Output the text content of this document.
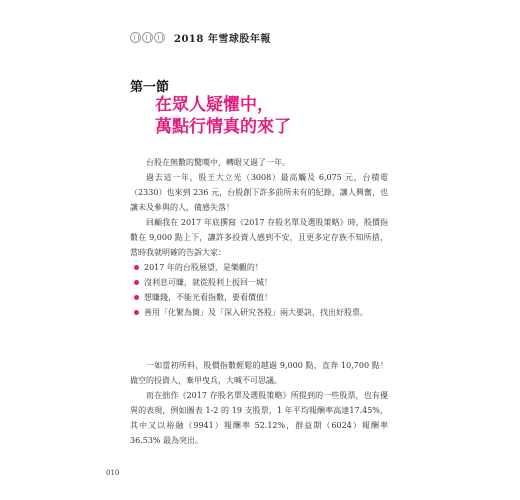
2018 年雪球股年報
第一節
在眾人疑懼中，
萬點行情真的來了

台股在無數的驚嘆中，轉眼又過了一年。

過去這一年，股王大立光（3008）最高觸及 6,075 元，台積電（2330）也來到 236 元，台股創下許多前所未有的紀錄，讓人興奮，也讓未及參與的人，備感失落！

回顧我在 2017 年底撰寫《2017 存股名單及選股策略》時，股價指數在 9,000 點上下，讓許多投資人感到不安，且更多定存族不知所措，當時我就明確的告訴大家：

2017 年的台股展望，是樂觀的！
沒利息可賺，就從股利上扳回一城！
想賺錢，不能光看指數，要看價值！
善用「化繁為簡」及「深入研究各股」兩大要訣，找出好股票。

一如當初所料，股價指數輕鬆的越過 9,000 點，直奔 10,700 點！做空的投資人，棄甲曳兵，大喊不可思議。

而在拙作《2017 存股名單及選股策略》所提到的一些股票，也有優異的表現，例如圖表 1-2 的 19 支股票，1 年平均報酬率高達17.45%，其中又以裕融（9941）報酬率 52.12%，群益期（6024）報酬率 36.53% 最為突出。

010
